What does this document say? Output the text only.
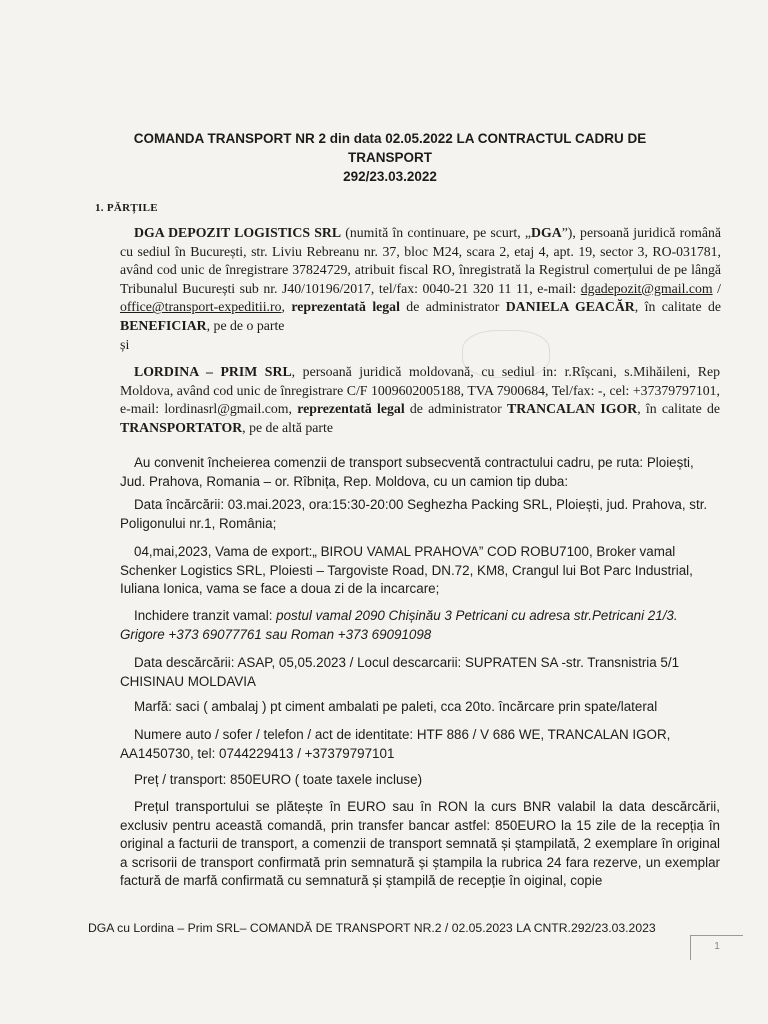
COMANDA TRANSPORT NR 2 din data 02.05.2022 LA CONTRACTUL CADRU DE TRANSPORT
292/23.03.2022
1. PĂRȚILE

DGA DEPOZIT LOGISTICS SRL (numită în continuare, pe scurt, „DGA”), persoană juridică română cu sediul în București, str. Liviu Rebreanu nr. 37, bloc M24, scara 2, etaj 4, apt. 19, sector 3, RO-031781, având cod unic de înregistrare 37824729, atribuit fiscal RO, înregistrată la Registrul comerțului de pe lângă Tribunalul București sub nr. J40/10196/2017, tel/fax: 0040-21 320 11 11, e-mail: dgadepozit@gmail.com / office@transport-expeditii.ro, reprezentată legal de administrator DANIELA GEACĂR, în calitate de BENEFICIAR, pe de o parte

și

LORDINA – PRIM SRL, persoană juridică moldovană, cu sediul in: r.Rîșcani, s.Mihăileni, Rep Moldova, având cod unic de înregistrare C/F 1009602005188, TVA 7900684, Tel/fax: -, cel: +37379797101, e-mail: lordinasrl@gmail.com, reprezentată legal de administrator TRANCALAN IGOR, în calitate de TRANSPORTATOR, pe de altă parte

Au convenit încheierea comenzii de transport subsecventă contractului cadru, pe ruta: Ploiești, Jud. Prahova, Romania – or. Rîbnița, Rep. Moldova, cu un camion tip duba:

Data încărcării: 03.mai.2023, ora:15:30-20:00 Seghezha Packing SRL, Ploiești, jud. Prahova, str. Poligonului nr.1, România;

04,mai,2023, Vama de export:„ BIROU VAMAL PRAHOVA” COD ROBU7100, Broker vamal Schenker Logistics SRL, Ploiesti – Targoviste Road, DN.72, KM8, Crangul lui Bot Parc Industrial, Iuliana Ionica, vama se face a doua zi de la incarcare;

Inchidere tranzit vamal: postul vamal 2090 Chișinău 3 Petricani cu adresa str.Petricani 21/3. Grigore +373 69077761 sau Roman +373 69091098

Data descărcării: ASAP, 05,05.2023 / Locul descarcarii: SUPRATEN SA -str. Transnistria 5/1 CHISINAU MOLDAVIA

Marfă: saci ( ambalaj ) pt ciment ambalati pe paleti, cca 20to. încărcare prin spate/lateral

Numere auto / sofer / telefon / act de identitate: HTF 886 / V 686 WE, TRANCALAN IGOR, AA1450730, tel: 0744229413 / +37379797101

Preț / transport: 850EURO ( toate taxele incluse)

Prețul transportului se plătește în EURO sau în RON la curs BNR valabil la data descărcării, exclusiv pentru această comandă, prin transfer bancar astfel: 850EURO la 15 zile de la recepția în original a facturii de transport, a comenzii de transport semnată și ștampilată, 2 exemplare în original a scrisorii de transport confirmată prin semnatură și ștampila la rubrica 24 fara rezerve, un exemplar factură de marfă confirmată cu semnatură și ștampilă de recepție în oiginal, copie

DGA cu Lordina – Prim SRL– COMANDĂ DE TRANSPORT NR.2 / 02.05.2023 LA CNTR.292/23.03.2023
1
